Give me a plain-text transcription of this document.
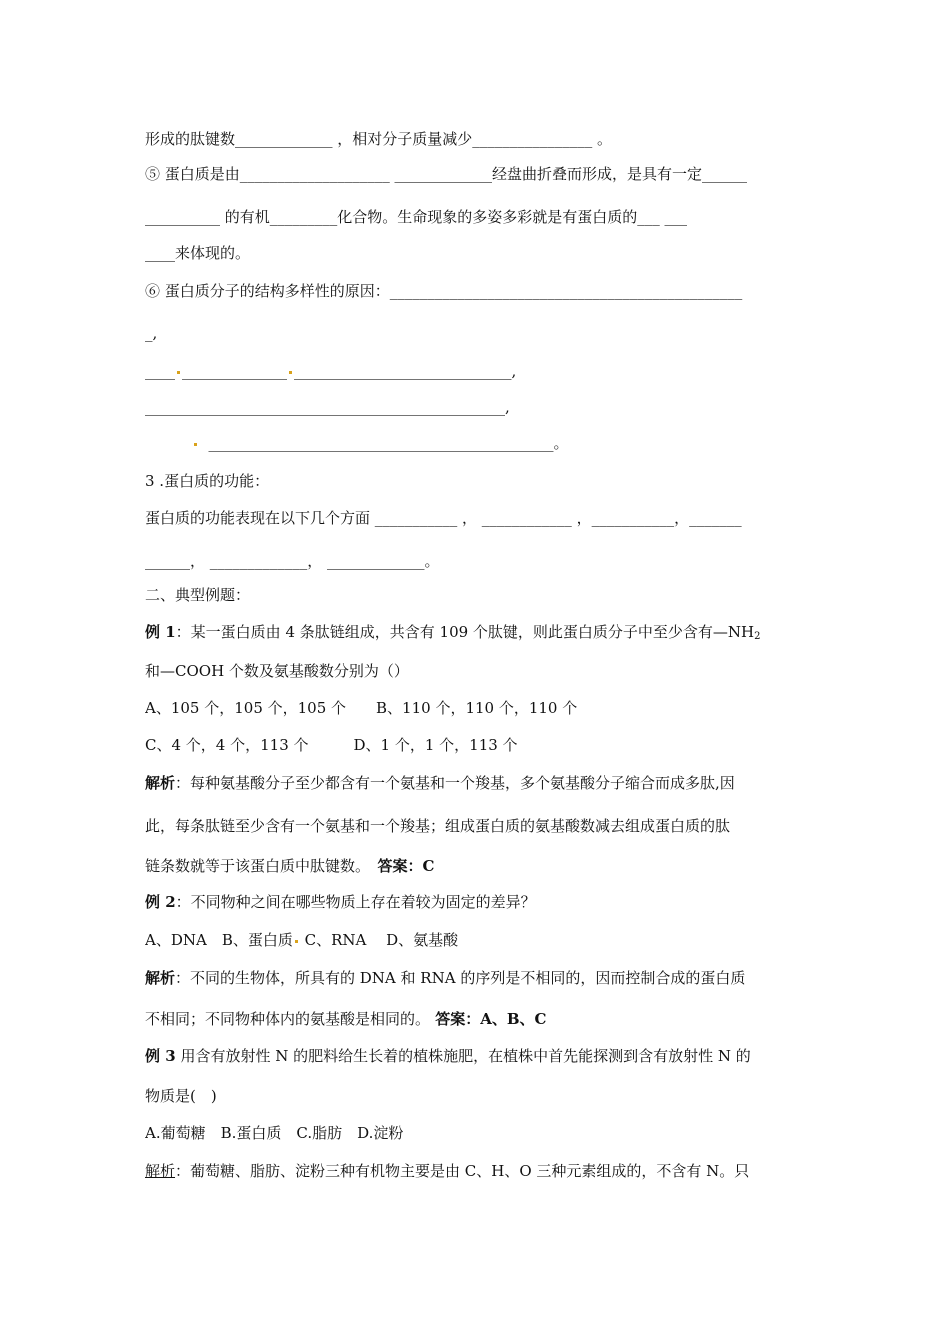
形成的肽键数_____________ ，相对分子质量减少________________ 。
⑤ 蛋白质是由____________________ _____________经盘曲折叠而形成，是具有一定______
__________ 的有机_________化合物。生命现象的多姿多彩就是有蛋白质的___ ___
____来体现的。
⑥ 蛋白质分子的结构多样性的原因：_______________________________________________
_,
____ ______________ _____________________________,
________________________________________________,
______________________________________________。
3 .蛋白质的功能：
蛋白质的功能表现在以下几个方面 ___________ ， ____________ ，___________，_______
______， _____________， _____________。
二、典型例题：
例 1：某一蛋白质由 4 条肽链组成，共含有 109 个肽键，则此蛋白质分子中至少含有$—NH_2$
和—COOH 个数及氨基酸数分别为（）
A、105 个，105 个，105 个　　B、110 个，110 个，110 个
C、4 个，4 个，113 个　　　D、1 个，1 个，113 个
解析：每种氨基酸分子至少都含有一个氨基和一个羧基，多个氨基酸分子缩合而成多肽,因
此，每条肽链至少含有一个氨基和一个羧基；组成蛋白质的氨基酸数减去组成蛋白质的肽
链条数就等于该蛋白质中肽键数。　答案：C
例 2：不同物种之间在哪些物质上存在着较为固定的差异？
A、DNA　B、蛋白质 C、RNA　 D、氨基酸
解析：不同的生物体，所具有的 DNA 和 RNA 的序列是不相同的，因而控制合成的蛋白质
不相同；不同物种体内的氨基酸是相同的。 答案：A、B、C
例 3 用含有放射性 N 的肥料给生长着的植株施肥，在植株中首先能探测到含有放射性 N 的
物质是(　)
A.葡萄糖　B.蛋白质　C.脂肪　D.淀粉
解析：葡萄糖、脂肪、淀粉三种有机物主要是由 C、H、O 三种元素组成的，不含有 N。只
